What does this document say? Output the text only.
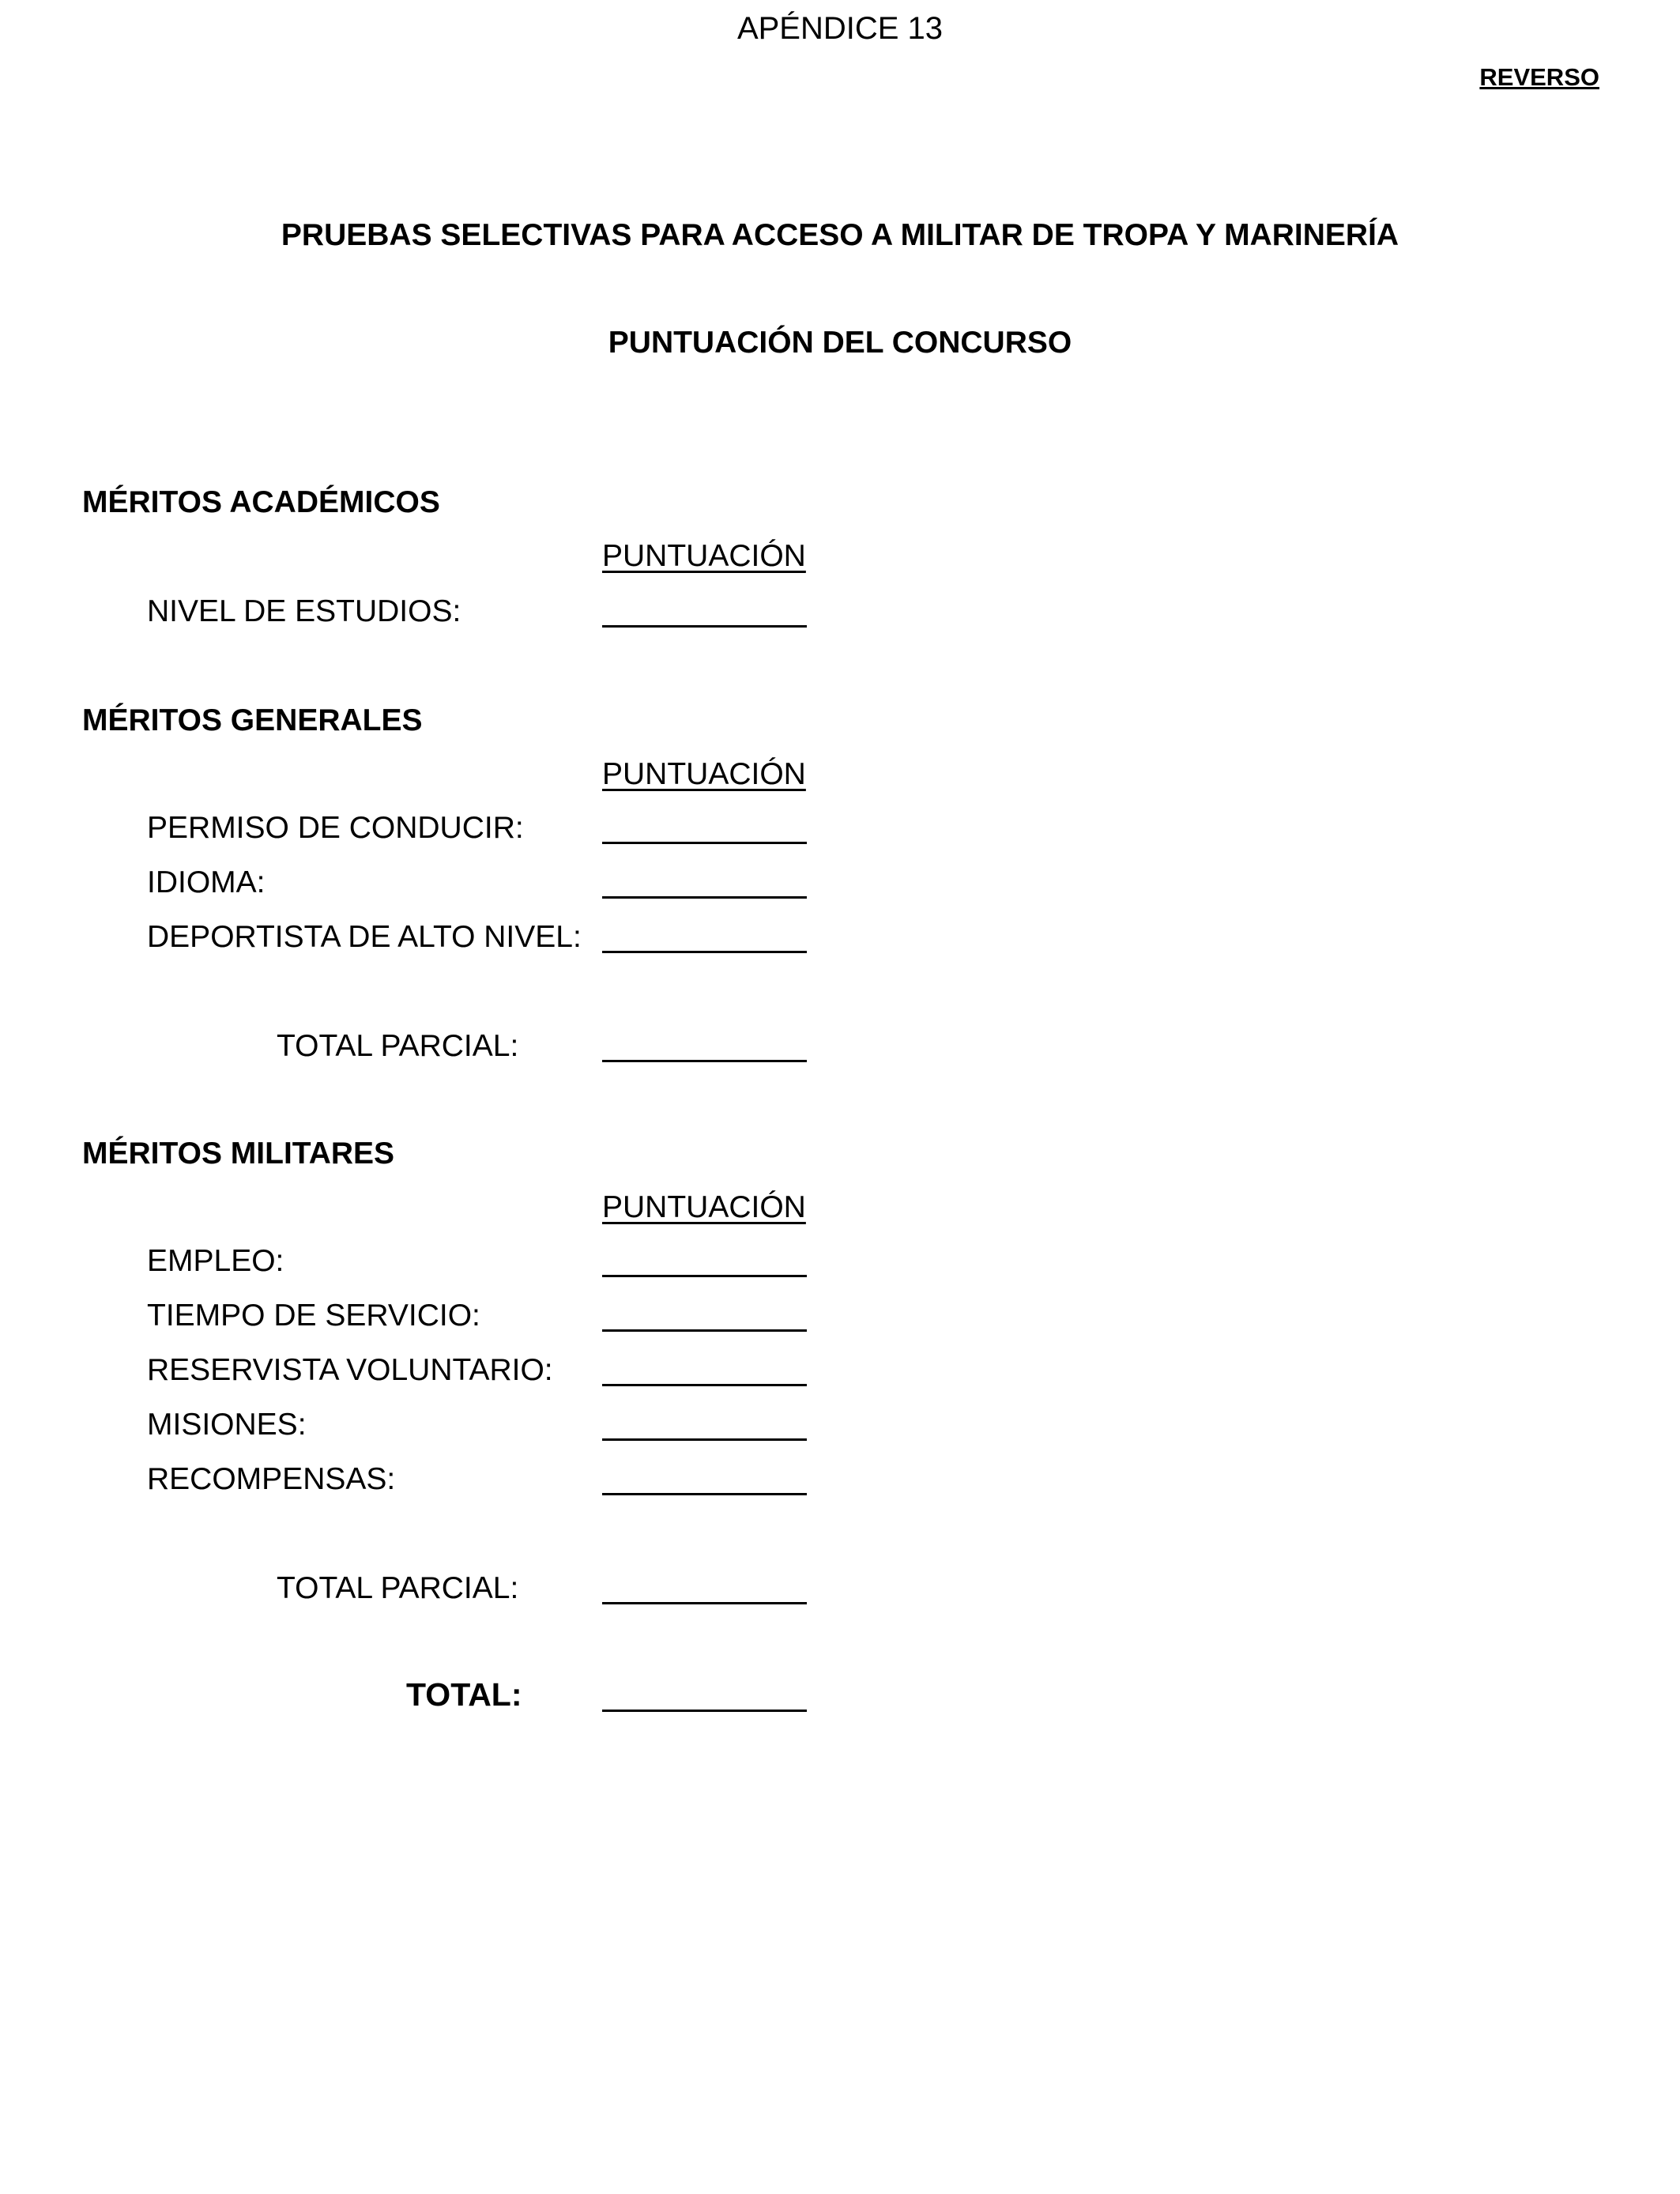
APÉNDICE 13
REVERSO
PRUEBAS SELECTIVAS PARA ACCESO A MILITAR DE TROPA Y MARINERÍA
PUNTUACIÓN DEL CONCURSO
MÉRITOS ACADÉMICOS
PUNTUACIÓN
NIVEL DE ESTUDIOS:
MÉRITOS GENERALES
PUNTUACIÓN
PERMISO DE CONDUCIR:
IDIOMA:
DEPORTISTA DE ALTO NIVEL:
TOTAL PARCIAL:
MÉRITOS MILITARES
PUNTUACIÓN
EMPLEO:
TIEMPO DE SERVICIO:
RESERVISTA VOLUNTARIO:
MISIONES:
RECOMPENSAS:
TOTAL PARCIAL:
TOTAL:
